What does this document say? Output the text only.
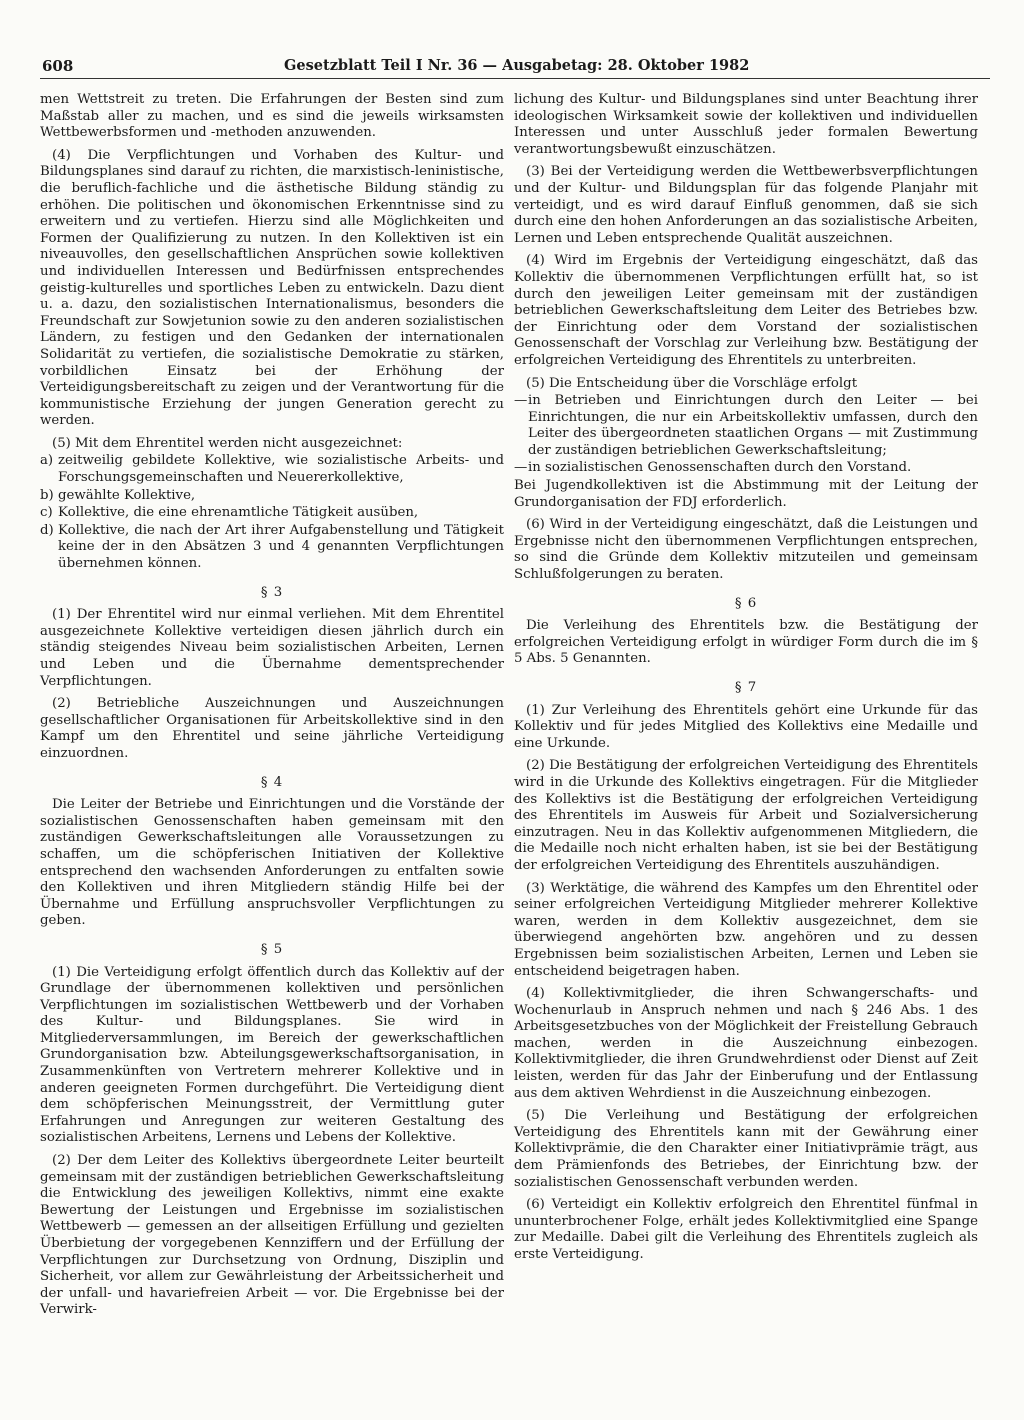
608	Gesetzblatt Teil I Nr. 36 — Ausgabetag: 28. Oktober 1982

men Wettstreit zu treten. Die Erfahrungen der Besten sind zum Maßstab aller zu machen, und es sind die jeweils wirksamsten Wettbewerbsformen und -methoden anzuwenden.

(4) Die Verpflichtungen und Vorhaben des Kultur- und Bildungsplanes sind darauf zu richten, die marxistisch-leninistische, die beruflich-fachliche und die ästhetische Bildung ständig zu erhöhen. Die politischen und ökonomischen Erkenntnisse sind zu erweitern und zu vertiefen. Hierzu sind alle Möglichkeiten und Formen der Qualifizierung zu nutzen. In den Kollektiven ist ein niveauvolles, den gesellschaftlichen Ansprüchen sowie kollektiven und individuellen Interessen und Bedürfnissen entsprechendes geistig-kulturelles und sportliches Leben zu entwickeln. Dazu dient u. a. dazu, den sozialistischen Internationalismus, besonders die Freundschaft zur Sowjetunion sowie zu den anderen sozialistischen Ländern, zu festigen und den Gedanken der internationalen Solidarität zu vertiefen, die sozialistische Demokratie zu stärken, vorbildlichen Einsatz bei der Erhöhung der Verteidigungsbereitschaft zu zeigen und der Verantwortung für die kommunistische Erziehung der jungen Generation gerecht zu werden.

(5) Mit dem Ehrentitel werden nicht ausgezeichnet:

a) zeitweilig gebildete Kollektive, wie sozialistische Arbeits- und Forschungsgemeinschaften und Neuererkollektive,
b) gewählte Kollektive,
c) Kollektive, die eine ehrenamtliche Tätigkeit ausüben,
d) Kollektive, die nach der Art ihrer Aufgabenstellung und Tätigkeit keine der in den Absätzen 3 und 4 genannten Verpflichtungen übernehmen können.
§ 3

(1) Der Ehrentitel wird nur einmal verliehen. Mit dem Ehrentitel ausgezeichnete Kollektive verteidigen diesen jährlich durch ein ständig steigendes Niveau beim sozialistischen Arbeiten, Lernen und Leben und die Übernahme dementsprechender Verpflichtungen.

(2) Betriebliche Auszeichnungen und Auszeichnungen gesellschaftlicher Organisationen für Arbeitskollektive sind in den Kampf um den Ehrentitel und seine jährliche Verteidigung einzuordnen.

§ 4

Die Leiter der Betriebe und Einrichtungen und die Vorstände der sozialistischen Genossenschaften haben gemeinsam mit den zuständigen Gewerkschaftsleitungen alle Voraussetzungen zu schaffen, um die schöpferischen Initiativen der Kollektive entsprechend den wachsenden Anforderungen zu entfalten sowie den Kollektiven und ihren Mitgliedern ständig Hilfe bei der Übernahme und Erfüllung anspruchsvoller Verpflichtungen zu geben.

§ 5

(1) Die Verteidigung erfolgt öffentlich durch das Kollektiv auf der Grundlage der übernommenen kollektiven und persönlichen Verpflichtungen im sozialistischen Wettbewerb und der Vorhaben des Kultur- und Bildungsplanes. Sie wird in Mitgliederversammlungen, im Bereich der gewerkschaftlichen Grundorganisation bzw. Abteilungsgewerkschaftsorganisation, in Zusammenkünften von Vertretern mehrerer Kollektive und in anderen geeigneten Formen durchgeführt. Die Verteidigung dient dem schöpferischen Meinungsstreit, der Vermittlung guter Erfahrungen und Anregungen zur weiteren Gestaltung des sozialistischen Arbeitens, Lernens und Lebens der Kollektive.

(2) Der dem Leiter des Kollektivs übergeordnete Leiter beurteilt gemeinsam mit der zuständigen betrieblichen Gewerkschaftsleitung die Entwicklung des jeweiligen Kollektivs, nimmt eine exakte Bewertung der Leistungen und Ergebnisse im sozialistischen Wettbewerb — gemessen an der allseitigen Erfüllung und gezielten Überbietung der vorgegebenen Kennziffern und der Erfüllung der Verpflichtungen zur Durchsetzung von Ordnung, Disziplin und Sicherheit, vor allem zur Gewährleistung der Arbeitssicherheit und der unfall- und havariefreien Arbeit — vor. Die Ergebnisse bei der Verwirk-

lichung des Kultur- und Bildungsplanes sind unter Beachtung ihrer ideologischen Wirksamkeit sowie der kollektiven und individuellen Interessen und unter Ausschluß jeder formalen Bewertung verantwortungsbewußt einzuschätzen.

(3) Bei der Verteidigung werden die Wettbewerbsverpflichtungen und der Kultur- und Bildungsplan für das folgende Planjahr mit verteidigt, und es wird darauf Einfluß genommen, daß sie sich durch eine den hohen Anforderungen an das sozialistische Arbeiten, Lernen und Leben entsprechende Qualität auszeichnen.

(4) Wird im Ergebnis der Verteidigung eingeschätzt, daß das Kollektiv die übernommenen Verpflichtungen erfüllt hat, so ist durch den jeweiligen Leiter gemeinsam mit der zuständigen betrieblichen Gewerkschaftsleitung dem Leiter des Betriebes bzw. der Einrichtung oder dem Vorstand der sozialistischen Genossenschaft der Vorschlag zur Verleihung bzw. Bestätigung der erfolgreichen Verteidigung des Ehrentitels zu unterbreiten.

(5) Die Entscheidung über die Vorschläge erfolgt

— in Betrieben und Einrichtungen durch den Leiter — bei Einrichtungen, die nur ein Arbeitskollektiv umfassen, durch den Leiter des übergeordneten staatlichen Organs — mit Zustimmung der zuständigen betrieblichen Gewerkschaftsleitung;
— in sozialistischen Genossenschaften durch den Vorstand.

Bei Jugendkollektiven ist die Abstimmung mit der Leitung der Grundorganisation der FDJ erforderlich.

(6) Wird in der Verteidigung eingeschätzt, daß die Leistungen und Ergebnisse nicht den übernommenen Verpflichtungen entsprechen, so sind die Gründe dem Kollektiv mitzuteilen und gemeinsam Schlußfolgerungen zu beraten.

§ 6

Die Verleihung des Ehrentitels bzw. die Bestätigung der erfolgreichen Verteidigung erfolgt in würdiger Form durch die im § 5 Abs. 5 Genannten.

§ 7

(1) Zur Verleihung des Ehrentitels gehört eine Urkunde für das Kollektiv und für jedes Mitglied des Kollektivs eine Medaille und eine Urkunde.

(2) Die Bestätigung der erfolgreichen Verteidigung des Ehrentitels wird in die Urkunde des Kollektivs eingetragen. Für die Mitglieder des Kollektivs ist die Bestätigung der erfolgreichen Verteidigung des Ehrentitels im Ausweis für Arbeit und Sozialversicherung einzutragen. Neu in das Kollektiv aufgenommenen Mitgliedern, die die Medaille noch nicht erhalten haben, ist sie bei der Bestätigung der erfolgreichen Verteidigung des Ehrentitels auszuhändigen.

(3) Werktätige, die während des Kampfes um den Ehrentitel oder seiner erfolgreichen Verteidigung Mitglieder mehrerer Kollektive waren, werden in dem Kollektiv ausgezeichnet, dem sie überwiegend angehörten bzw. angehören und zu dessen Ergebnissen beim sozialistischen Arbeiten, Lernen und Leben sie entscheidend beigetragen haben.

(4) Kollektivmitglieder, die ihren Schwangerschafts- und Wochenurlaub in Anspruch nehmen und nach § 246 Abs. 1 des Arbeitsgesetzbuches von der Möglichkeit der Freistellung Gebrauch machen, werden in die Auszeichnung einbezogen. Kollektivmitglieder, die ihren Grundwehrdienst oder Dienst auf Zeit leisten, werden für das Jahr der Einberufung und der Entlassung aus dem aktiven Wehrdienst in die Auszeichnung einbezogen.

(5) Die Verleihung und Bestätigung der erfolgreichen Verteidigung des Ehrentitels kann mit der Gewährung einer Kollektivprämie, die den Charakter einer Initiativprämie trägt, aus dem Prämienfonds des Betriebes, der Einrichtung bzw. der sozialistischen Genossenschaft verbunden werden.

(6) Verteidigt ein Kollektiv erfolgreich den Ehrentitel fünfmal in ununterbrochener Folge, erhält jedes Kollektivmitglied eine Spange zur Medaille. Dabei gilt die Verleihung des Ehrentitels zugleich als erste Verteidigung.
